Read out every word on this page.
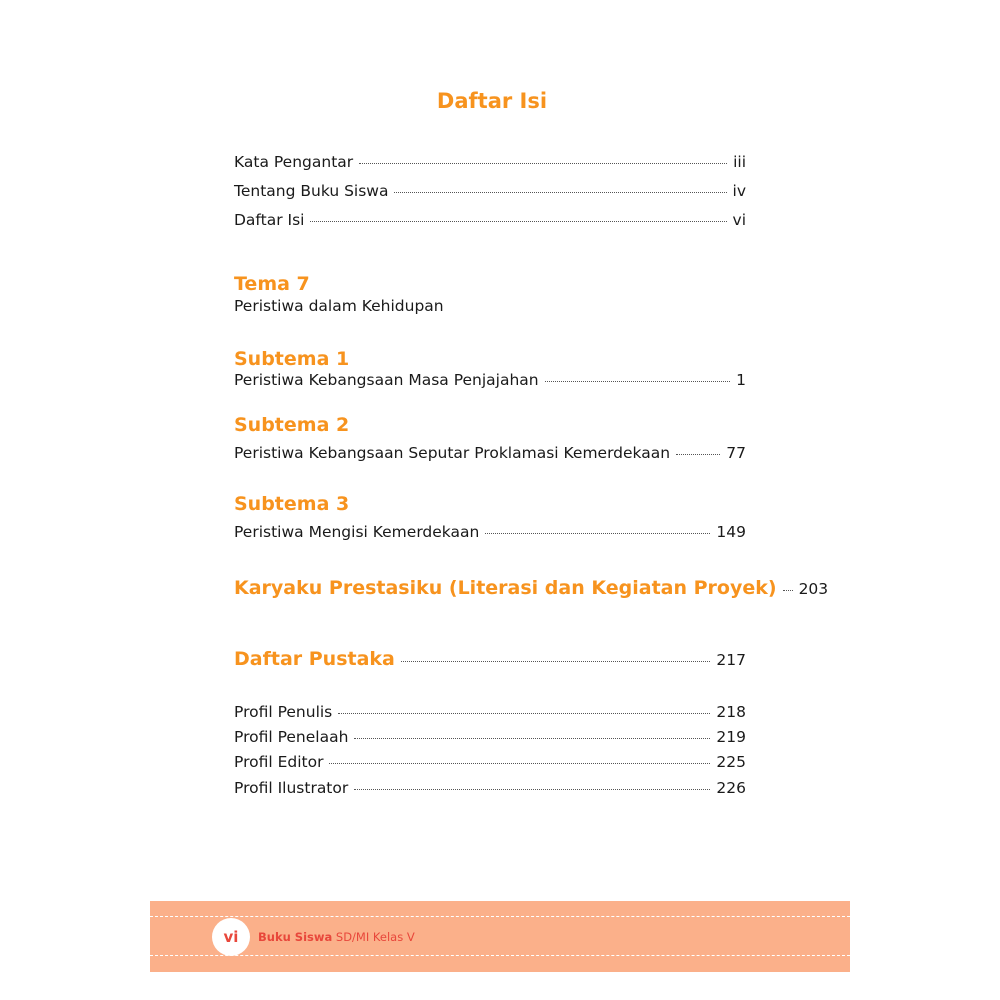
Daftar Isi
Kata Pengantar	iii
Tentang Buku Siswa	iv
Daftar Isi	vi
Tema 7
Peristiwa dalam Kehidupan
Subtema 1
Peristiwa Kebangsaan Masa Penjajahan	1
Subtema 2
Peristiwa Kebangsaan Seputar Proklamasi Kemerdekaan	77
Subtema 3
Peristiwa Mengisi Kemerdekaan	149
Karyaku Prestasiku (Literasi dan Kegiatan Proyek) 203
Daftar Pustaka	217
Profil Penulis	218
Profil Penelaah	219
Profil Editor	225
Profil Ilustrator	226
vi	Buku Siswa SD/MI Kelas V
